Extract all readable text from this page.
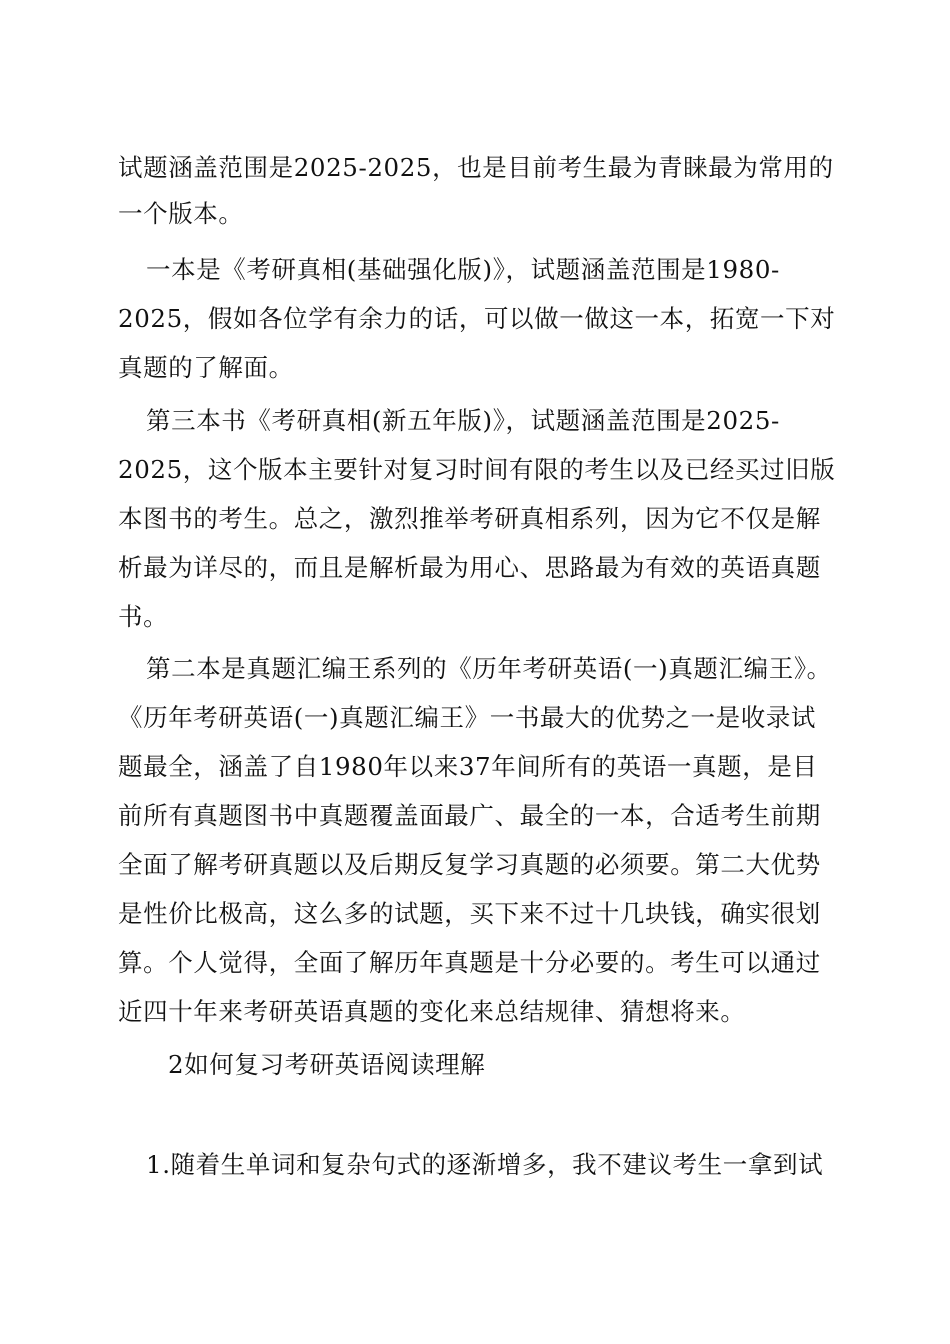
试题涵盖范围是2025-2025，也是目前考生最为青睐最为常用的
一个版本。
一本是《考研真相(基础强化版)》，试题涵盖范围是1980-
2025，假如各位学有余力的话，可以做一做这一本，拓宽一下对
真题的了解面。
第三本书《考研真相(新五年版)》，试题涵盖范围是2025-
2025，这个版本主要针对复习时间有限的考生以及已经买过旧版
本图书的考生。总之，激烈推举考研真相系列，因为它不仅是解
析最为详尽的，而且是解析最为用心、思路最为有效的英语真题
书。
第二本是真题汇编王系列的《历年考研英语(一)真题汇编王》。
《历年考研英语(一)真题汇编王》一书最大的优势之一是收录试
题最全，涵盖了自1980年以来37年间所有的英语一真题，是目
前所有真题图书中真题覆盖面最广、最全的一本，合适考生前期
全面了解考研真题以及后期反复学习真题的必须要。第二大优势
是性价比极高，这么多的试题，买下来不过十几块钱，确实很划
算。个人觉得，全面了解历年真题是十分必要的。考生可以通过
近四十年来考研英语真题的变化来总结规律、猜想将来。
2如何复习考研英语阅读理解
1.随着生单词和复杂句式的逐渐增多，我不建议考生一拿到试
